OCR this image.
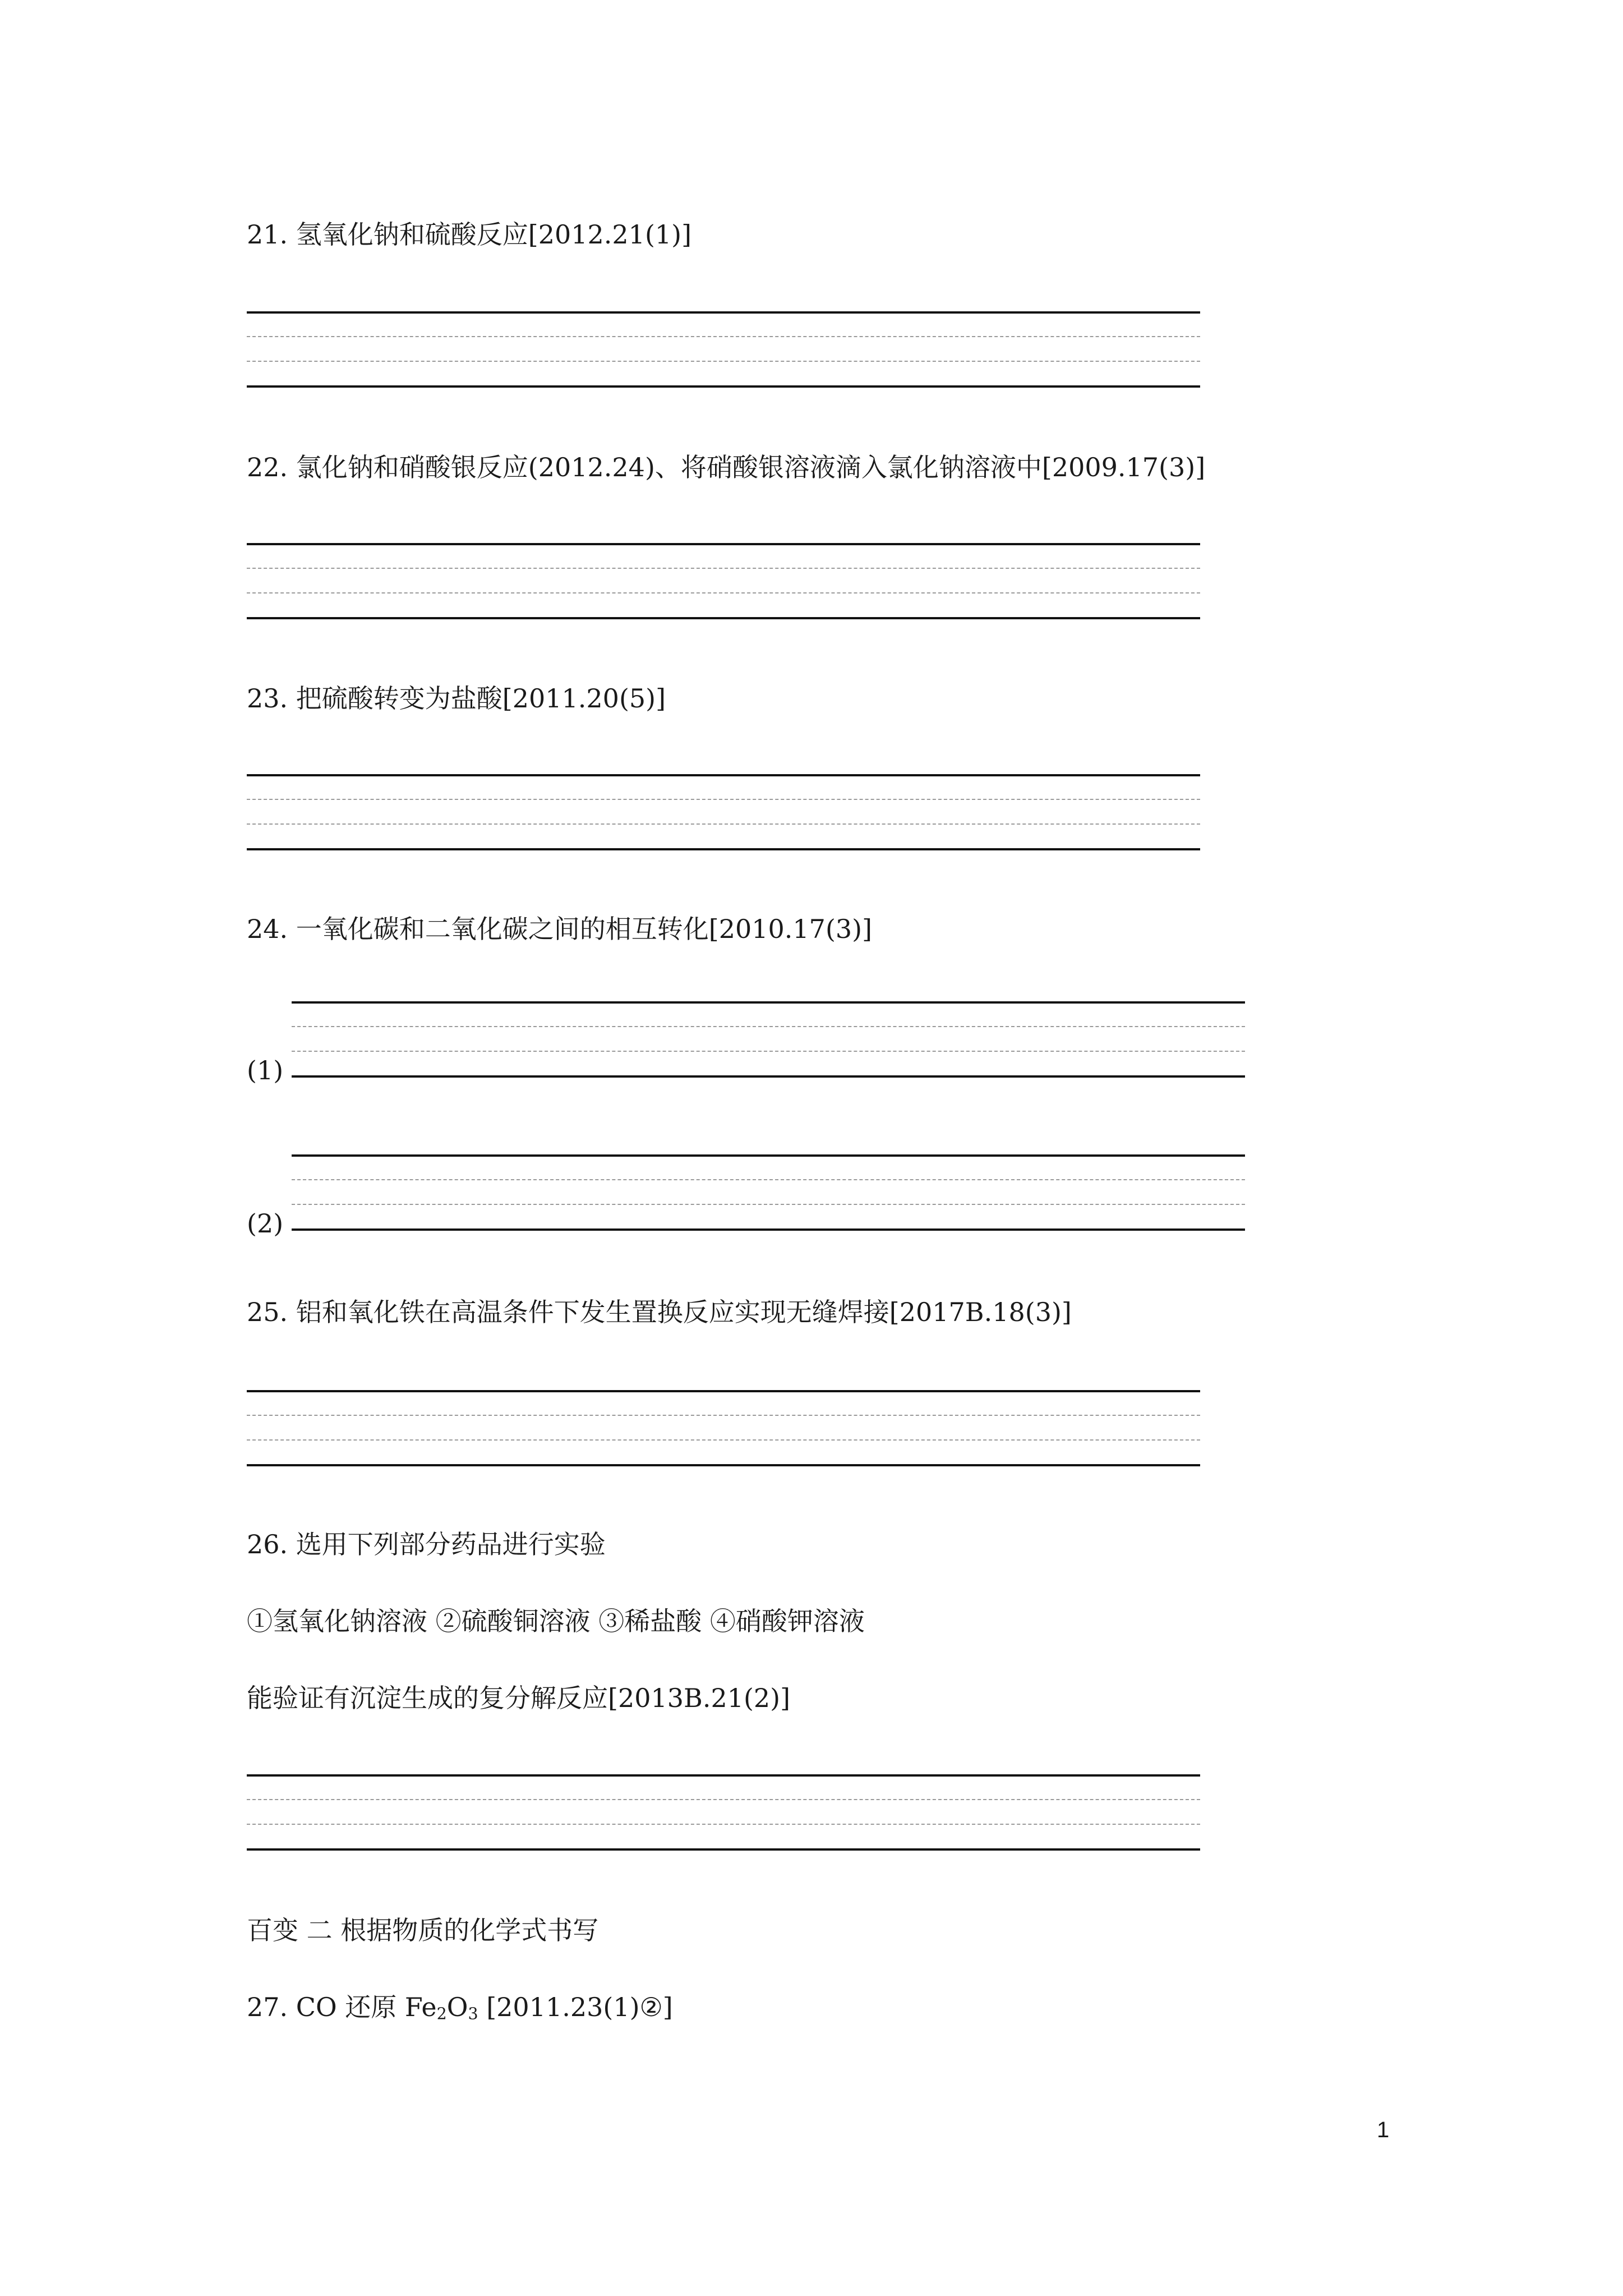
21. 氢氧化钠和硫酸反应[2012.21(1)]
22. 氯化钠和硝酸银反应(2012.24)、将硝酸银溶液滴入氯化钠溶液中[2009.17(3)]
23. 把硫酸转变为盐酸[2011.20(5)]
24. 一氧化碳和二氧化碳之间的相互转化[2010.17(3)]
(1)
(2)
25. 铝和氧化铁在高温条件下发生置换反应实现无缝焊接[2017B.18(3)]
26. 选用下列部分药品进行实验
①氢氧化钠溶液 ②硫酸铜溶液 ③稀盐酸 ④硝酸钾溶液
能验证有沉淀生成的复分解反应[2013B.21(2)]
百变 二 根据物质的化学式书写
27. CO 还原 $Fe_2O_3$ [2011.23(1)②]
1
